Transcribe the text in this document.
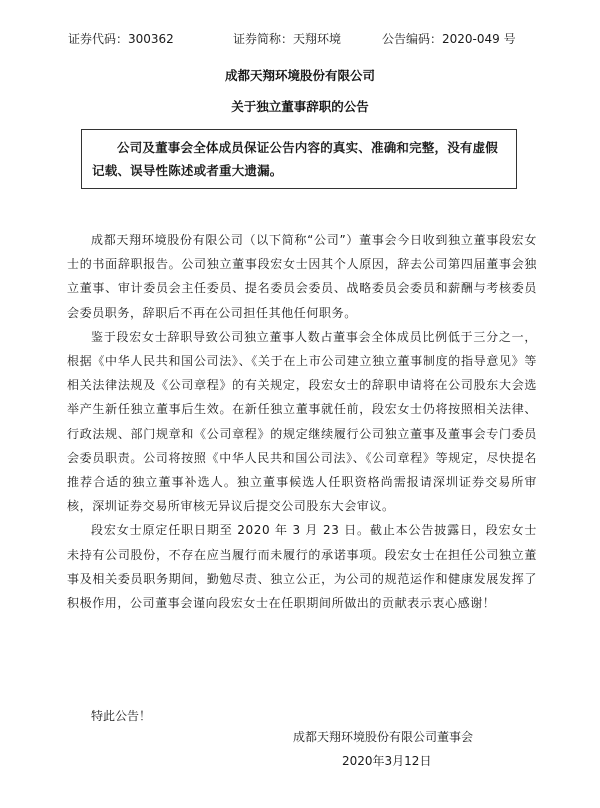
证券代码：300362	证券简称：天翔环境	公告编码：2020-049 号
成都天翔环境股份有限公司
关于独立董事辞职的公告
公司及董事会全体成员保证公告内容的真实、准确和完整，没有虚假记载、误导性陈述或者重大遗漏。

成都天翔环境股份有限公司（以下简称“公司”）董事会今日收到独立董事段宏女士的书面辞职报告。公司独立董事段宏女士因其个人原因，辞去公司第四届董事会独立董事、审计委员会主任委员、提名委员会委员、战略委员会委员和薪酬与考核委员会委员职务，辞职后不再在公司担任其他任何职务。

鉴于段宏女士辞职导致公司独立董事人数占董事会全体成员比例低于三分之一，根据《中华人民共和国公司法》、《关于在上市公司建立独立董事制度的指导意见》等相关法律法规及《公司章程》的有关规定，段宏女士的辞职申请将在公司股东大会选举产生新任独立董事后生效。在新任独立董事就任前，段宏女士仍将按照相关法律、行政法规、部门规章和《公司章程》的规定继续履行公司独立董事及董事会专门委员会委员职责。公司将按照《中华人民共和国公司法》、《公司章程》等规定，尽快提名推荐合适的独立董事补选人。独立董事候选人任职资格尚需报请深圳证券交易所审核，深圳证券交易所审核无异议后提交公司股东大会审议。

段宏女士原定任职日期至 2020 年 3 月 23 日。截止本公告披露日，段宏女士未持有公司股份，不存在应当履行而未履行的承诺事项。段宏女士在担任公司独立董事及相关委员职务期间，勤勉尽责、独立公正，为公司的规范运作和健康发展发挥了积极作用，公司董事会谨向段宏女士在任职期间所做出的贡献表示衷心感谢！

特此公告！
成都天翔环境股份有限公司董事会
2020年3月12日
